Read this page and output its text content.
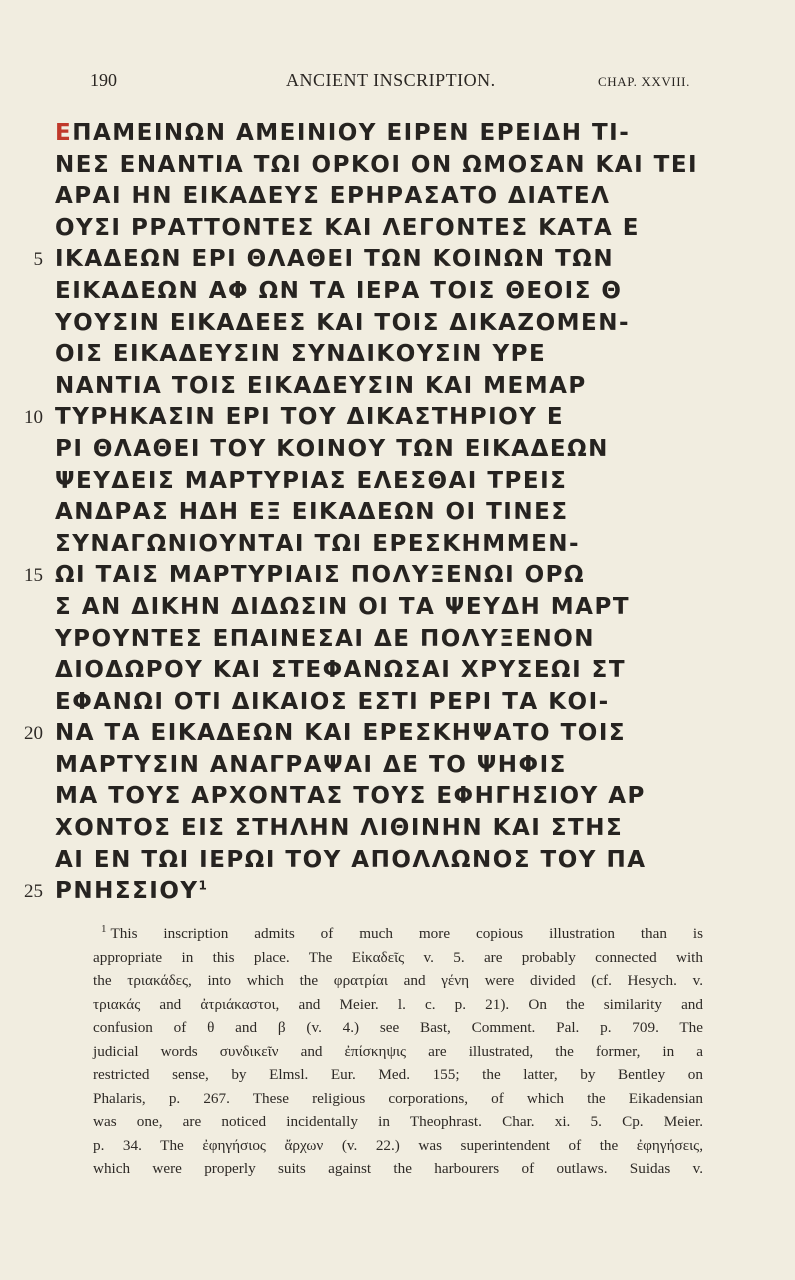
190	ANCIENT INSCRIPTION.	CHAP. XXVIII.
ΕΠΑΜΕΙΝΩΝ ΑΜΕΙΝΙΟΥ ΕΙΡΕΝ ΕΡΕΙΔΗ ΤΙ-
ΝΕΣ ΕΝΑΝΤΙΑ ΤΩΙ ΟΡΚΟΙ ΟΝ ΩΜΟΣΑΝ ΚΑΙ ΤΕΙ
ΑΡΑΙ ΗΝ ΕΙΚΑΔΕΥΣ ΕΡΗΡΑΣΑΤΟ ΔΙΑΤΕΛ
ΟΥΣΙ ΡΡΑΤΤΟΝΤΕΣ ΚΑΙ ΛΕΓΟΝΤΕΣ ΚΑΤΑ Ε
5 ΙΚΑΔΕΩΝ ΕΡΙ ΘΛΑΘΕΙ ΤΩΝ ΚΟΙΝΩΝ ΤΩΝ
ΕΙΚΑΔΕΩΝ ΑΦ ΩΝ ΤΑ ΙΕΡΑ ΤΟΙΣ ΘΕΟΙΣ Θ
ΥΟΥΣΙΝ ΕΙΚΑΔΕΕΣ ΚΑΙ ΤΟΙΣ ΔΙΚΑΖΟΜΕΝ-
ΟΙΣ ΕΙΚΑΔΕΥΣΙΝ ΣΥΝΔΙΚΟΥΣΙΝ ΥΡΕ
ΝΑΝΤΙΑ ΤΟΙΣ ΕΙΚΑΔΕΥΣΙΝ ΚΑΙ ΜΕΜΑΡ
10 ΤΥΡΗΚΑΣΙΝ ΕΡΙ ΤΟΥ ΔΙΚΑΣΤΗΡΙΟΥ Ε
ΡΙ ΘΛΑΘΕΙ ΤΟΥ ΚΟΙΝΟΥ ΤΩΝ ΕΙΚΑΔΕΩΝ
ΨΕΥΔΕΙΣ ΜΑΡΤΥΡΙΑΣ ΕΛΕΣΘΑΙ ΤΡΕΙΣ
ΑΝΔΡΑΣ ΗΔΗ ΕΞ ΕΙΚΑΔΕΩΝ ΟΙ ΤΙΝΕΣ
ΣΥΝΑΓΩΝΙΟΥΝΤΑΙ ΤΩΙ ΕΡΕΣΚΗΜΜΕΝ-
15 ΩΙ ΤΑΙΣ ΜΑΡΤΥΡΙΑΙΣ ΠΟΛΥΞΕΝΩΙ ΟΡΩ
Σ ΑΝ ΔΙΚΗΝ ΔΙΔΩΣΙΝ ΟΙ ΤΑ ΨΕΥΔΗ ΜΑΡΤ
ΥΡΟΥΝΤΕΣ ΕΠΑΙΝΕΣΑΙ ΔΕ ΠΟΛΥΞΕΝΟΝ
ΔΙΟΔΩΡΟΥ ΚΑΙ ΣΤΕΦΑΝΩΣΑΙ ΧΡΥΣΕΩΙ ΣΤ
ΕΦΑΝΩΙ ΟΤΙ ΔΙΚΑΙΟΣ ΕΣΤΙ ΡΕΡΙ ΤΑ ΚΟΙ-
20 ΝΑ ΤΑ ΕΙΚΑΔΕΩΝ ΚΑΙ ΕΡΕΣΚΗΨΑΤΟ ΤΟΙΣ
ΜΑΡΤΥΣΙΝ ΑΝΑΓΡΑΨΑΙ ΔΕ ΤΟ ΨΗΦΙΣ
ΜΑ ΤΟΥΣ ΑΡΧΟΝΤΑΣ ΤΟΥΣ ΕΦΗΓΗΣΙΟΥ ΑΡ
ΧΟΝΤΟΣ ΕΙΣ ΣΤΗΛΗΝ ΛΙΘΙΝΗΝ ΚΑΙ ΣΤΗΣ
ΑΙ ΕΝ ΤΩΙ ΙΕΡΩΙ ΤΟΥ ΑΠΟΛΛΩΝΟΣ ΤΟΥ ΠΑ
25 ΡΝΗΣΣΙΟΥ$^1$
$^1$ This inscription admits of much more copious illustration than is
appropriate in this place. The Εἰκαδεῖς v. 5. are probably connected with
the τριακάδες, into which the φρατρίαι and γένη were divided (cf. Hesych. v.
τριακάς and ἀτριάκαστοι, and Meier. l. c. p. 21). On the similarity and
confusion of θ and β (v. 4.) see Bast, Comment. Pal. p. 709. The
judicial words συνδικεῖν and ἐπίσκηψις are illustrated, the former, in a
restricted sense, by Elmsl. Eur. Med. 155; the latter, by Bentley on
Phalaris, p. 267. These religious corporations, of which the Eikadensian
was one, are noticed incidentally in Theophrast. Char. xi. 5. Cp. Meier.
p. 34. The ἐφηγήσιος ἄρχων (v. 22.) was superintendent of the ἐφηγήσεις,
which were properly suits against the harbourers of outlaws. Suidas v.
